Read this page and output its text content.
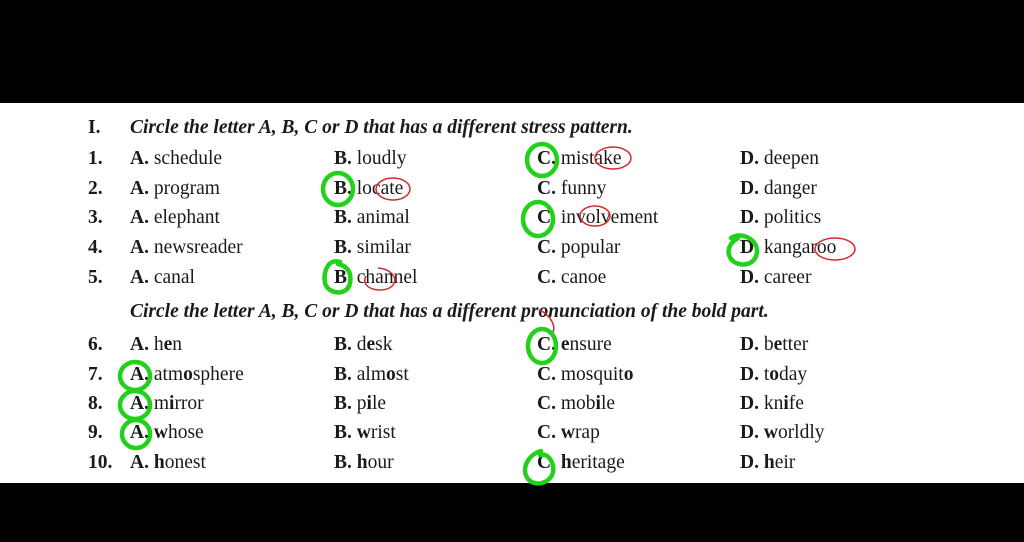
I. Circle the letter A, B, C or D that has a different stress pattern.
1. A. schedule	B. loudly	C. mistake	D. deepen
2. A. program	B. locate	C. funny	D. danger
3. A. elephant	B. animal	C. involvement	D. politics
4. A. newsreader	B. similar	C. popular	D. kangaroo
5. A. canal	B. channel	C. canoe	D. career
Circle the letter A, B, C or D that has a different pronunciation of the bold part.
6. A. hen	B. desk	C. ensure	D. better
7. A. atmosphere	B. almost	C. mosquito	D. today
8. A. mirror	B. pile	C. mobile	D. knife
9. A. whose	B. wrist	C. wrap	D. worldly
10. A. honest	B. hour	C. heritage	D. heir
